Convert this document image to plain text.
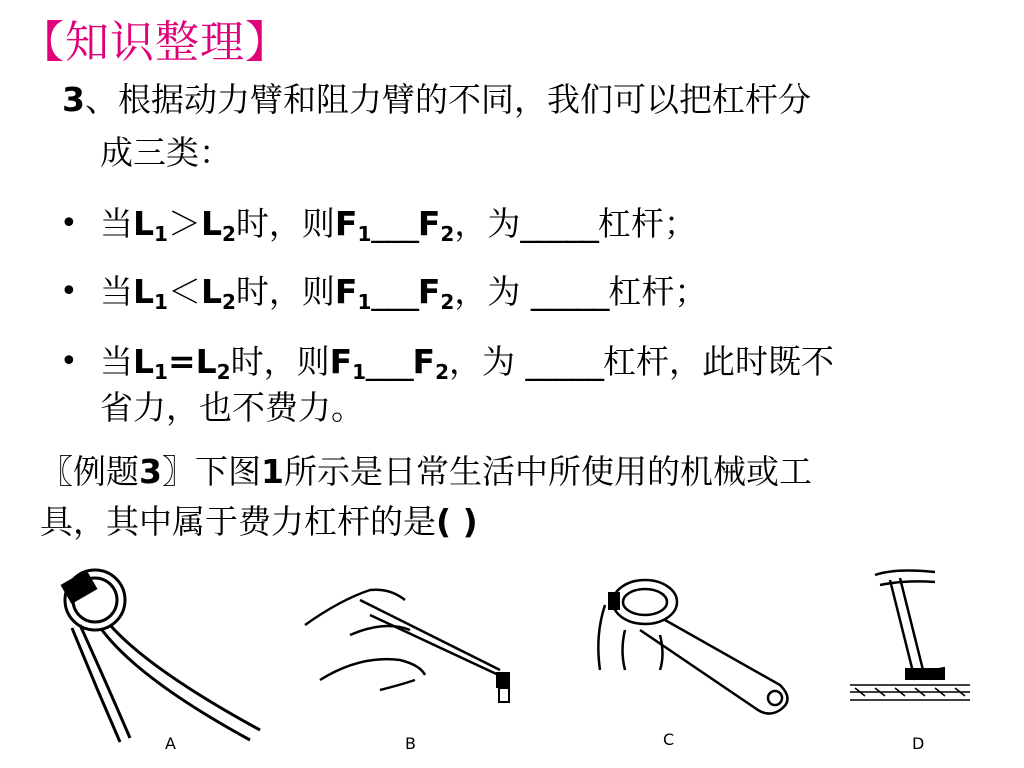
【知识整理】
3、根据动力臂和阻力臂的不同，我们可以把杠杆分
成三类：
• 当$L_1>L_2$时，则$F_1\_\_\_F_2$，为_____杠杆；
• 当$L_1<L_2$时，则$F_1\_\_\_F_2$，为 _____杠杆；
• 当$L_1=L_2$时，则$F_1\_\_\_F_2$，为 _____杠杆，此时既不
省力，也不费力。
〖例题3〗下图1所示是日常生活中所使用的机械或工
具，其中属于费力杠杆的是( )
A	B	C	D
